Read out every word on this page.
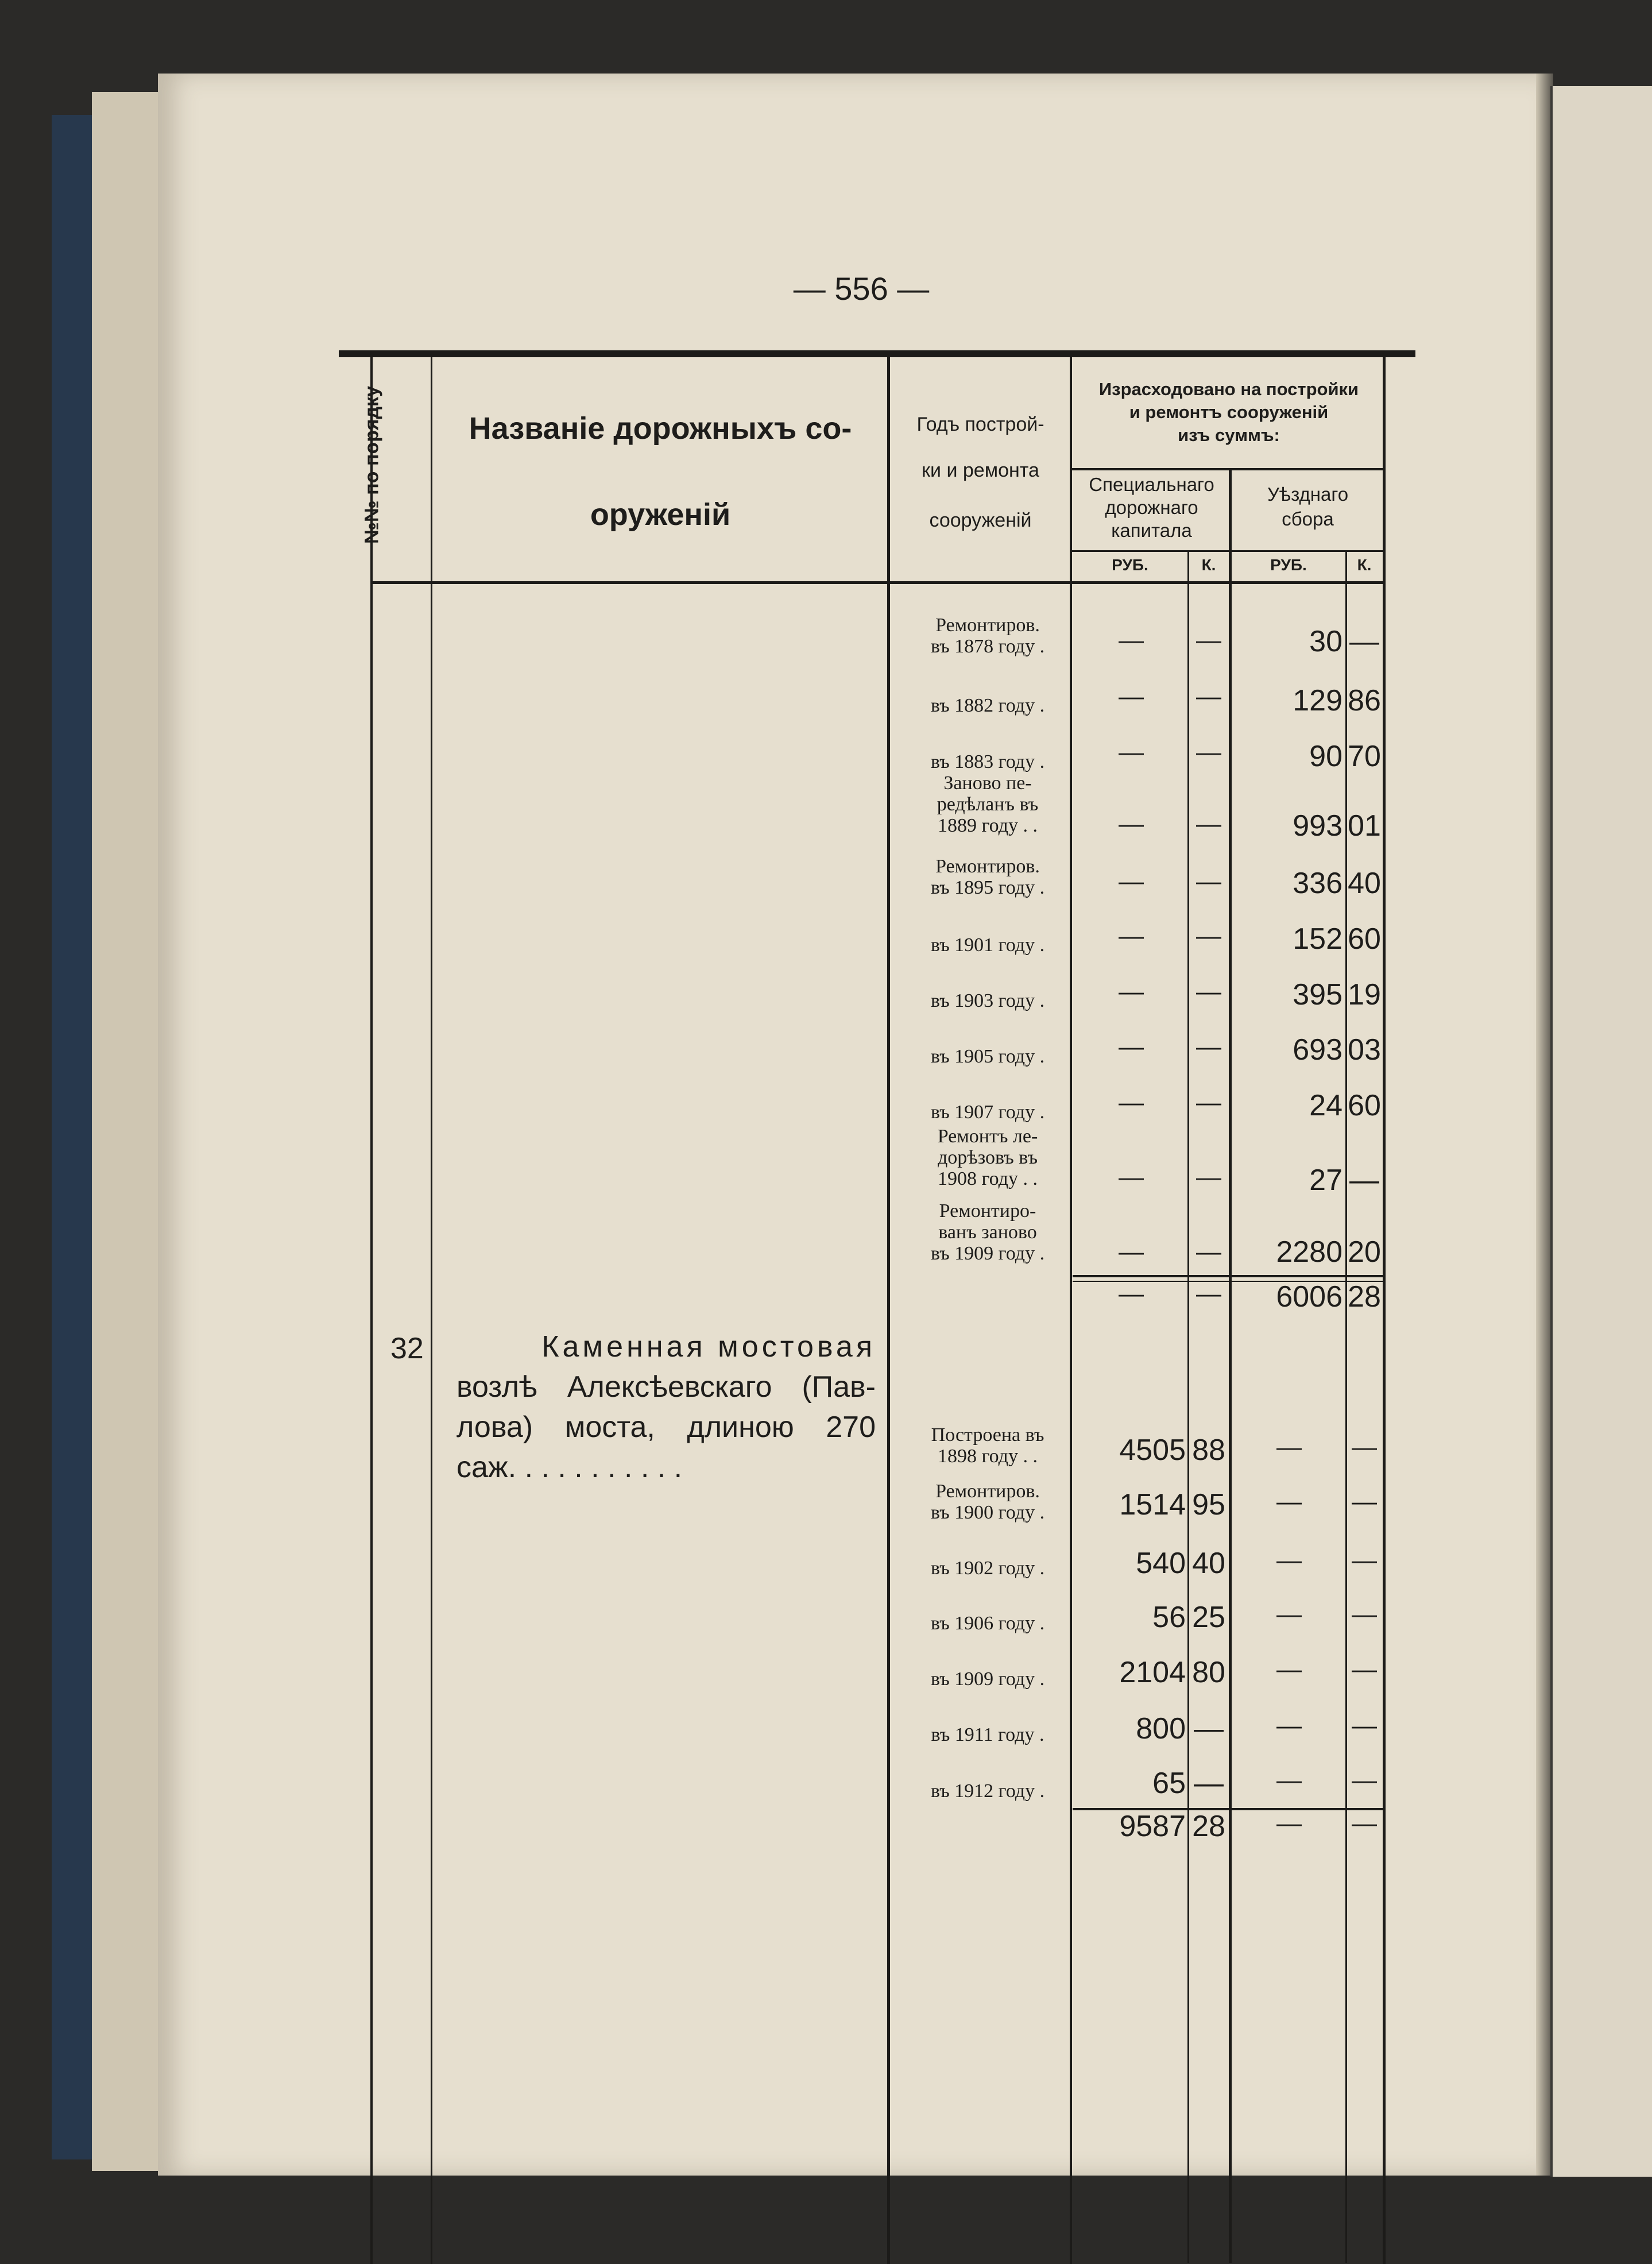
— 556 —
№№ по порядку	Названіе дорожныхъ со-
оруженій
Годъ построй-
ки и ремонта
сооруженій
Израсходовано на постройки
и ремонтъ сооруженій
изъ суммъ:
Специальнаго
дорожнаго
капитала
Уѣзднаго
сбора
РУБ.	К.	РУБ.	К.
Ремонтиров.
въ 1878 году .	—	—	30 —
въ 1882 году .	—	—	129 86
въ 1883 году .	—	—	90 70
Заново пе-
редѣланъ въ
1889 году . .	—	—	993 01
Ремонтиров.
въ 1895 году .	—	—	336 40
въ 1901 году .	—	—	152 60
въ 1903 году .	—	—	395 19
въ 1905 году .	—	—	693 03
въ 1907 году .	—	—	24 60
Ремонтъ ле-
дорѣзовъ въ
1908 году . .	—	—	27 —
Ремонтиро-
ванъ заново
въ 1909 году .	—	—	2280 20
—	—	6006 28
32	Каменная мостовая
возлѣ Алексѣевскаго (Пав-
лова) моста, длиною 270
саж. . . . . . . . . . .
Построена въ
1898 году . .	4505 88	—	—
Ремонтиров.
въ 1900 году .	1514 95	—	—
въ 1902 году .	540 40	—	—
въ 1906 году .	56 25	—	—
въ 1909 году .	2104 80	—	—
въ 1911 году .	800 —	—	—
въ 1912 году .	65 —	—	—
9587 28	—	—
